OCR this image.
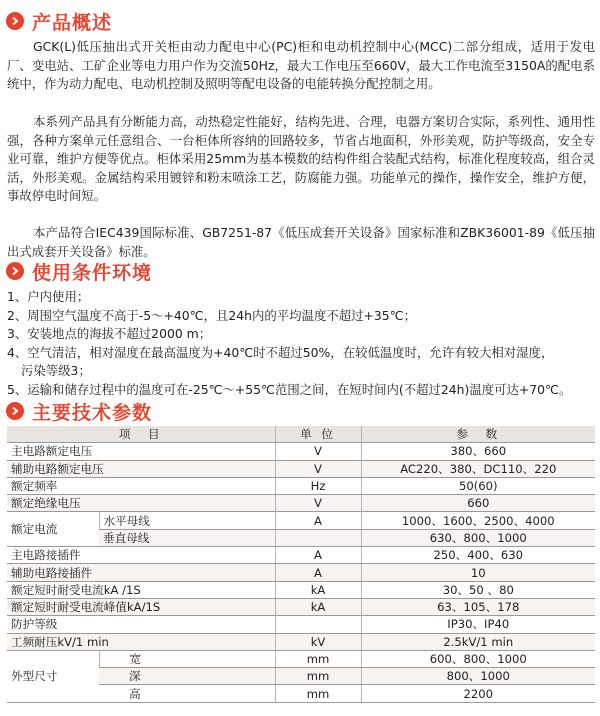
产品概述

GCK(L)低压抽出式开关柜由动力配电中心(PC)柜和电动机控制中心(MCC)二部分组成，适用于发电厂、变电站、工矿企业等电力用户作为交流50Hz，最大工作电压至660V，最大工作电流至3150A的配电系统中，作为动力配电、电动机控制及照明等配电设备的电能转换分配控制之用。

本系列产品具有分断能力高，动热稳定性能好，结构先进、合理，电器方案切合实际，系列性、通用性强，各种方案单元任意组合、一台柜体所容纳的回路较多，节省占地面积，外形美观，防护等级高，安全专业可靠，维护方便等优点。柜体采用25mm为基本模数的结构件组合装配式结构，标准化程度较高，组合灵活，外形美观。金属结构采用镀锌和粉末喷涂工艺，防腐能力强。功能单元的操作，操作安全，维护方便，事故停电时间短。

本产品符合IEC439国际标准、GB7251-87《低压成套开关设备》国家标准和ZBK36001-89《低压抽出式成套开关设备》标准。

使用条件环境
1、户内使用；
2、周围空气温度不高于-5～+40℃，且24h内的平均温度不超过+35℃；
3、安装地点的海拔不超过2000 m；
4、空气清洁，相对湿度在最高温度为+40℃时不超过50%，在较低温度时，允许有较大相对湿度，
污染等级3；
5、运输和储存过程中的温度可在-25℃～+55℃范围之间，在短时间内(不超过24h)温度可达+70℃。
主要技术参数
项　目		单 位	参　数
主电路额定电压		V	380、660
辅助电路额定电压		V	AC220、380、DC110、220
额定频率		Hz	50(60)
额定绝缘电压		V	660
额定电流	水平母线	A	1000、1600、2500、4000
	垂直母线		630、800、1000
主电路接插件		A	250、400、630
辅助电路接插件		A	10
额定短时耐受电流kA /1S		kA	30、50 、80
额定短时耐受电流峰值kA/1S		kA	63、105、178
防护等级			IP30、IP40
工频耐压kV/1 min		kV	2.5kV/1 min
外型尺寸	宽	mm	600、800、1000
	深	mm	800、1000
	高	mm	2200
